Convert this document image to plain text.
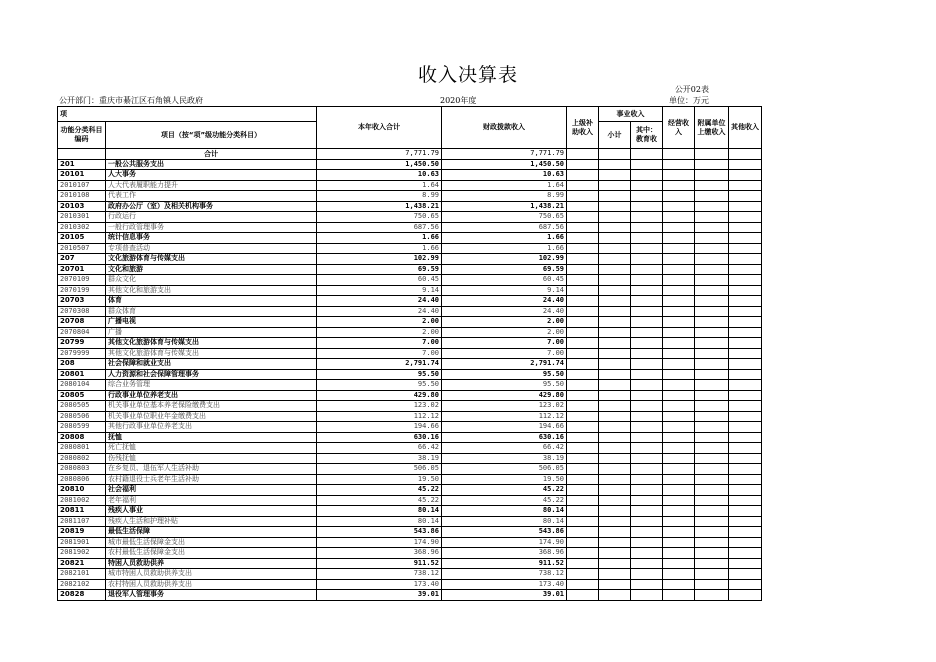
收入决算表
公开02表
公开部门：重庆市綦江区石角镇人民政府	2020年度	单位：万元
项		本年收入合计	财政拨款收入	上级补助收入	事业收入		经营收入	附属单位上缴收入	其他收入
功能分类科目编码	项目（按“项”级功能分类科目）				小计	其中：教育收			

	合计	7,771.79	7,771.79						
201	一般公共服务支出	1,450.50	1,450.50						
20101	人大事务	10.63	10.63						
2010107	人大代表履职能力提升	1.64	1.64						
2010108	代表工作	8.99	8.99						
20103	政府办公厅（室）及相关机构事务	1,438.21	1,438.21						
2010301	行政运行	750.65	750.65						
2010302	一般行政管理事务	687.56	687.56						
20105	统计信息事务	1.66	1.66						
2010507	专项普查活动	1.66	1.66						
207	文化旅游体育与传媒支出	102.99	102.99						
20701	文化和旅游	69.59	69.59						
2070109	群众文化	60.45	60.45						
2070199	其他文化和旅游支出	9.14	9.14						
20703	体育	24.40	24.40						
2070308	群众体育	24.40	24.40						
20708	广播电视	2.00	2.00						
2070804	广播	2.00	2.00						
20799	其他文化旅游体育与传媒支出	7.00	7.00						
2079999	其他文化旅游体育与传媒支出	7.00	7.00						
208	社会保障和就业支出	2,791.74	2,791.74						
20801	人力资源和社会保障管理事务	95.50	95.50						
2080104	综合业务管理	95.50	95.50						
20805	行政事业单位养老支出	429.80	429.80						
2080505	机关事业单位基本养老保险缴费支出	123.02	123.02						
2080506	机关事业单位职业年金缴费支出	112.12	112.12						
2080599	其他行政事业单位养老支出	194.66	194.66						
20808	抚恤	630.16	630.16						
2080801	死亡抚恤	66.42	66.42						
2080802	伤残抚恤	38.19	38.19						
2080803	在乡复员、退伍军人生活补助	506.05	506.05						
2080806	农村籍退役士兵老年生活补助	19.50	19.50						
20810	社会福利	45.22	45.22						
2081002	老年福利	45.22	45.22						
20811	残疾人事业	80.14	80.14						
2081107	残疾人生活和护理补贴	80.14	80.14						
20819	最低生活保障	543.86	543.86						
2081901	城市最低生活保障金支出	174.90	174.90						
2081902	农村最低生活保障金支出	368.96	368.96						
20821	特困人员救助供养	911.52	911.52						
2082101	城市特困人员救助供养支出	738.12	738.12						
2082102	农村特困人员救助供养支出	173.40	173.40						
20828	退役军人管理事务	39.01	39.01						
